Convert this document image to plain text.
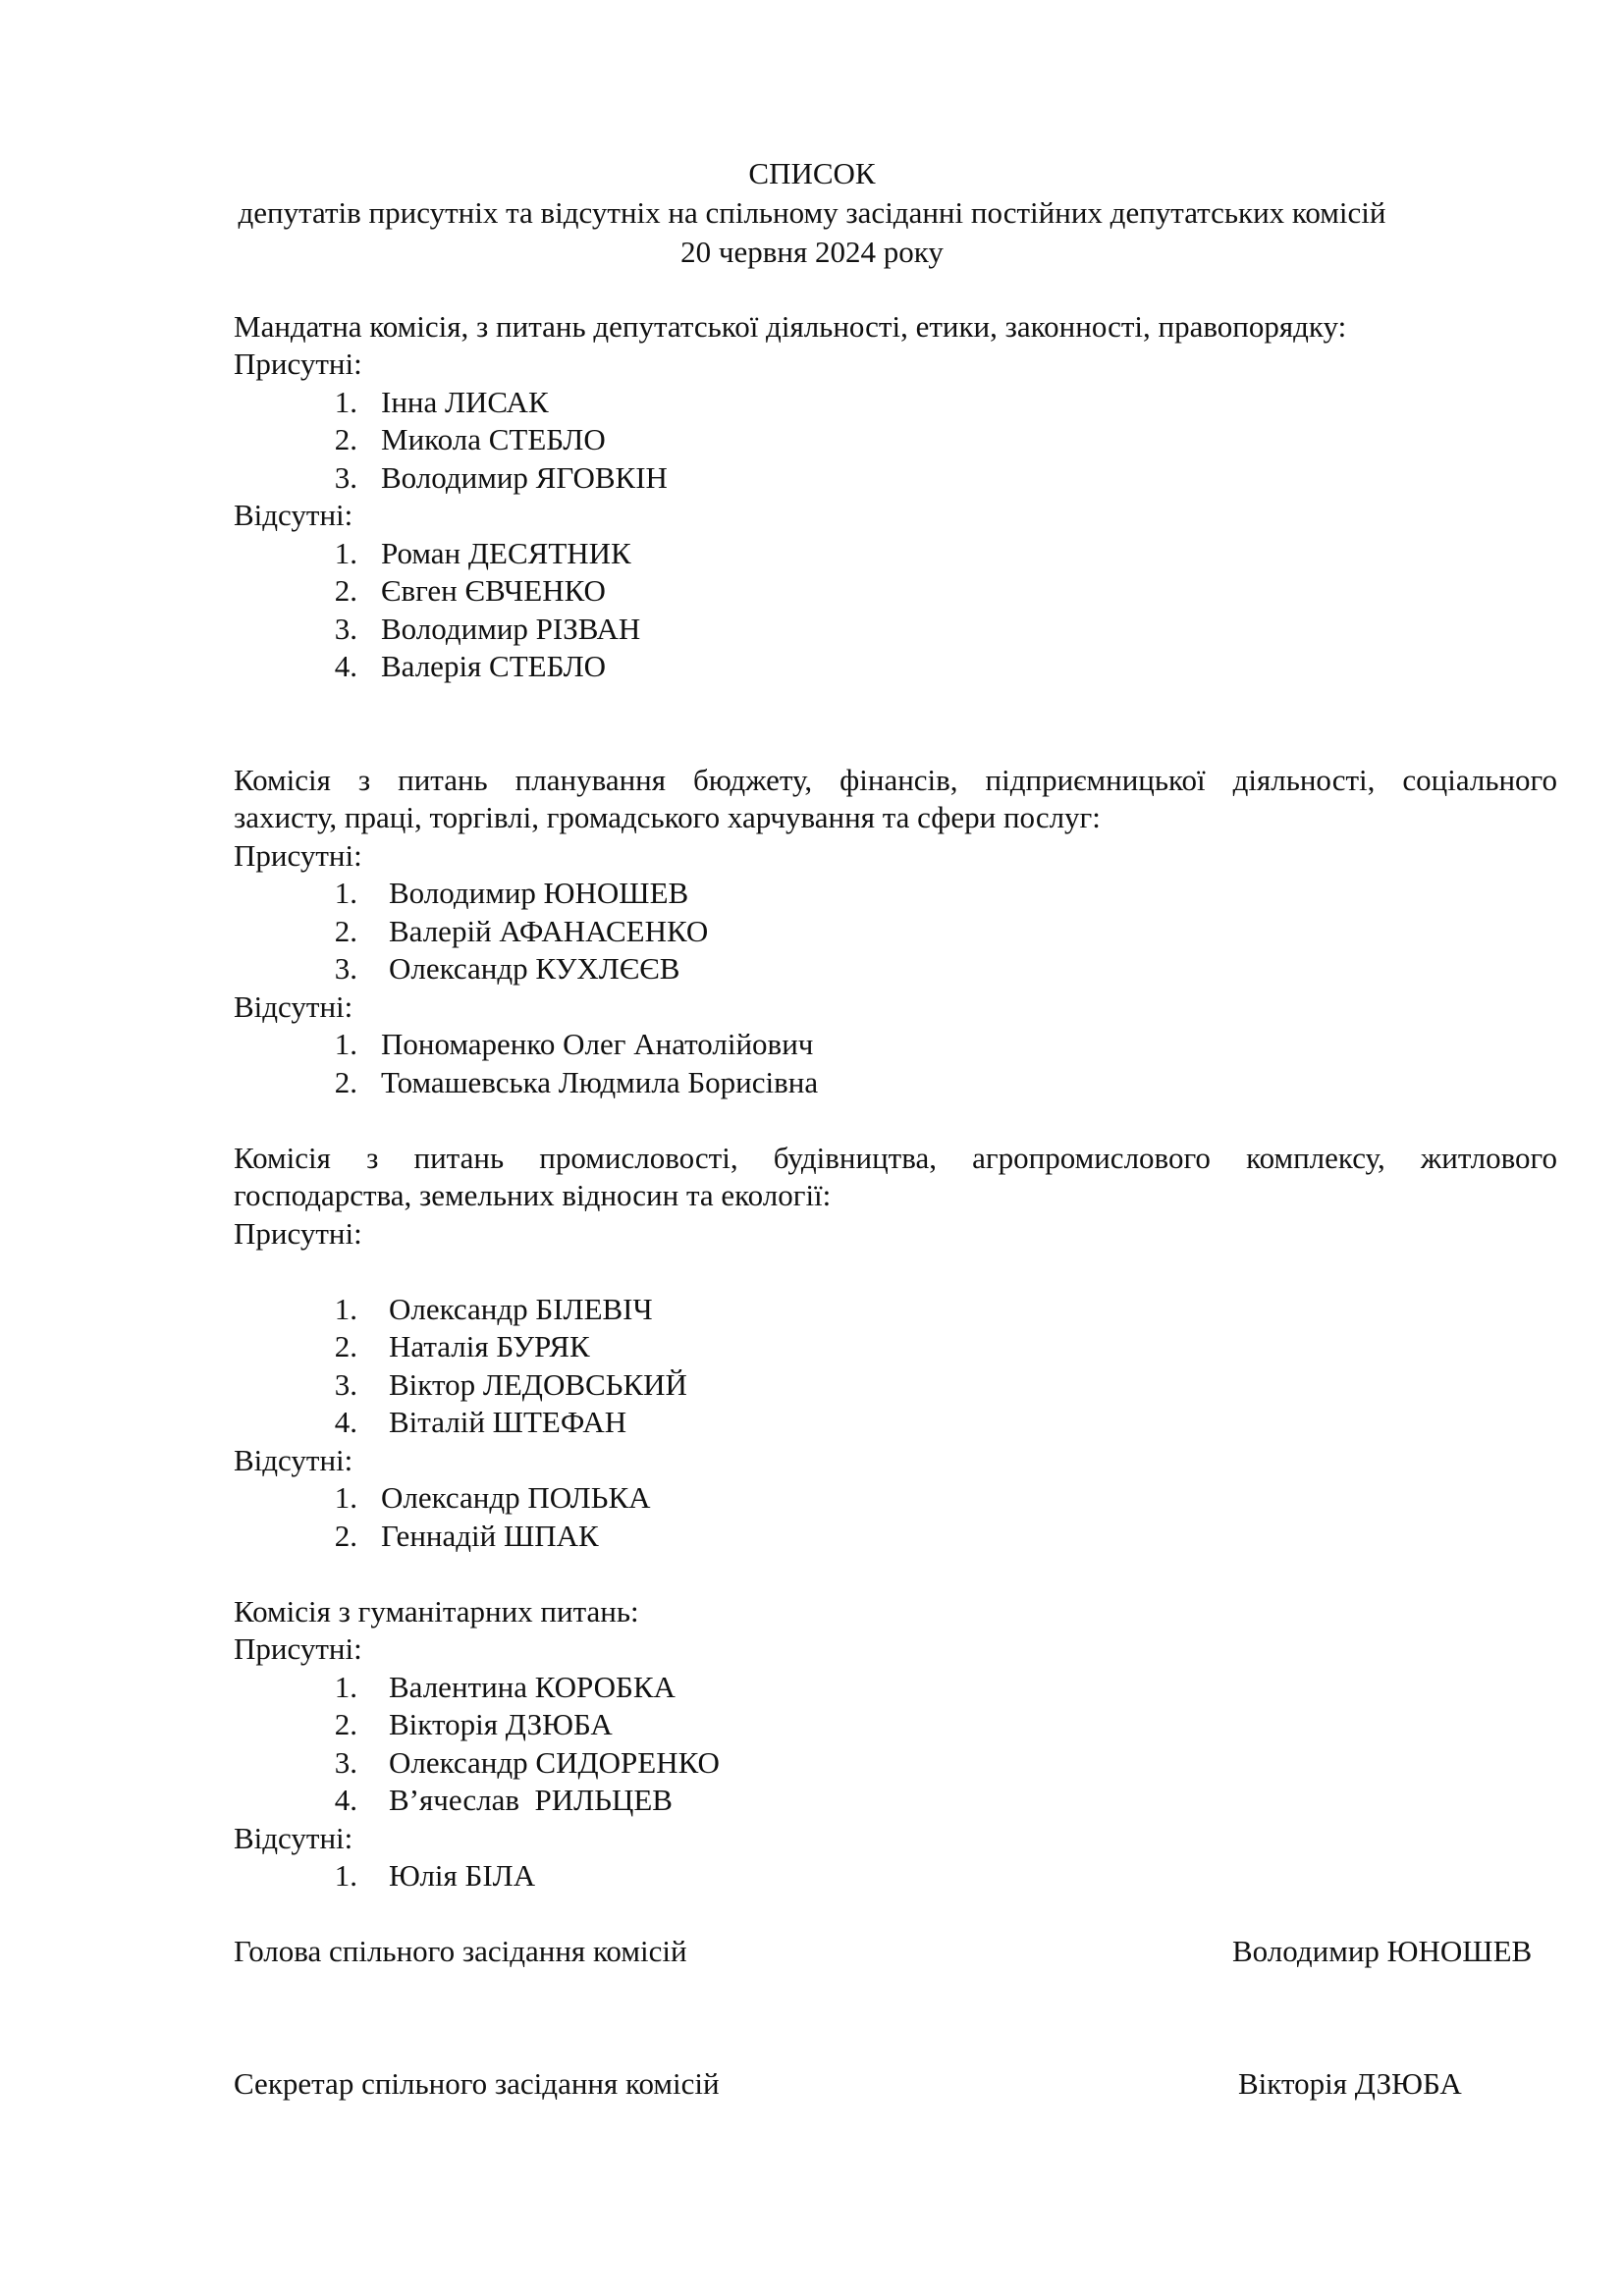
СПИСОК
депутатів присутніх та відсутніх на спільному засіданні постійних депутатських комісій
20 червня 2024 року
Мандатна комісія, з питань депутатської діяльності, етики, законності, правопорядку:
Присутні:
1. Інна ЛИСАК
2. Микола СТЕБЛО
3. Володимир ЯГОВКІН
Відсутні:
1. Роман ДЕСЯТНИК
2. Євген ЄВЧЕНКО
3. Володимир РІЗВАН
4. Валерія СТЕБЛО
Комісія з питань планування бюджету, фінансів, підприємницької діяльності, соціального
захисту, праці, торгівлі, громадського харчування та сфери послуг:
Присутні:
1. Володимир ЮНОШЕВ
2. Валерій АФАНАСЕНКО
3. Олександр КУХЛЄЄВ
Відсутні:
1. Пономаренко Олег Анатолійович
2. Томашевська Людмила Борисівна
Комісія з питань промисловості, будівництва, агропромислового комплексу, житлового
господарства, земельних відносин та екології:
Присутні:
1. Олександр БІЛЕВІЧ
2. Наталія БУРЯК
3. Віктор ЛЕДОВСЬКИЙ
4. Віталій ШТЕФАН
Відсутні:
1. Олександр ПОЛЬКА
2. Геннадій ШПАК
Комісія з гуманітарних питань:
Присутні:
1. Валентина КОРОБКА
2. Вікторія ДЗЮБА
3. Олександр СИДОРЕНКО
4. В’ячеслав  РИЛЬЦЕВ
Відсутні:
1. Юлія БІЛА
Голова спільного засідання комісій	Володимир ЮНОШЕВ
Секретар спільного засідання комісій	Вікторія ДЗЮБА
